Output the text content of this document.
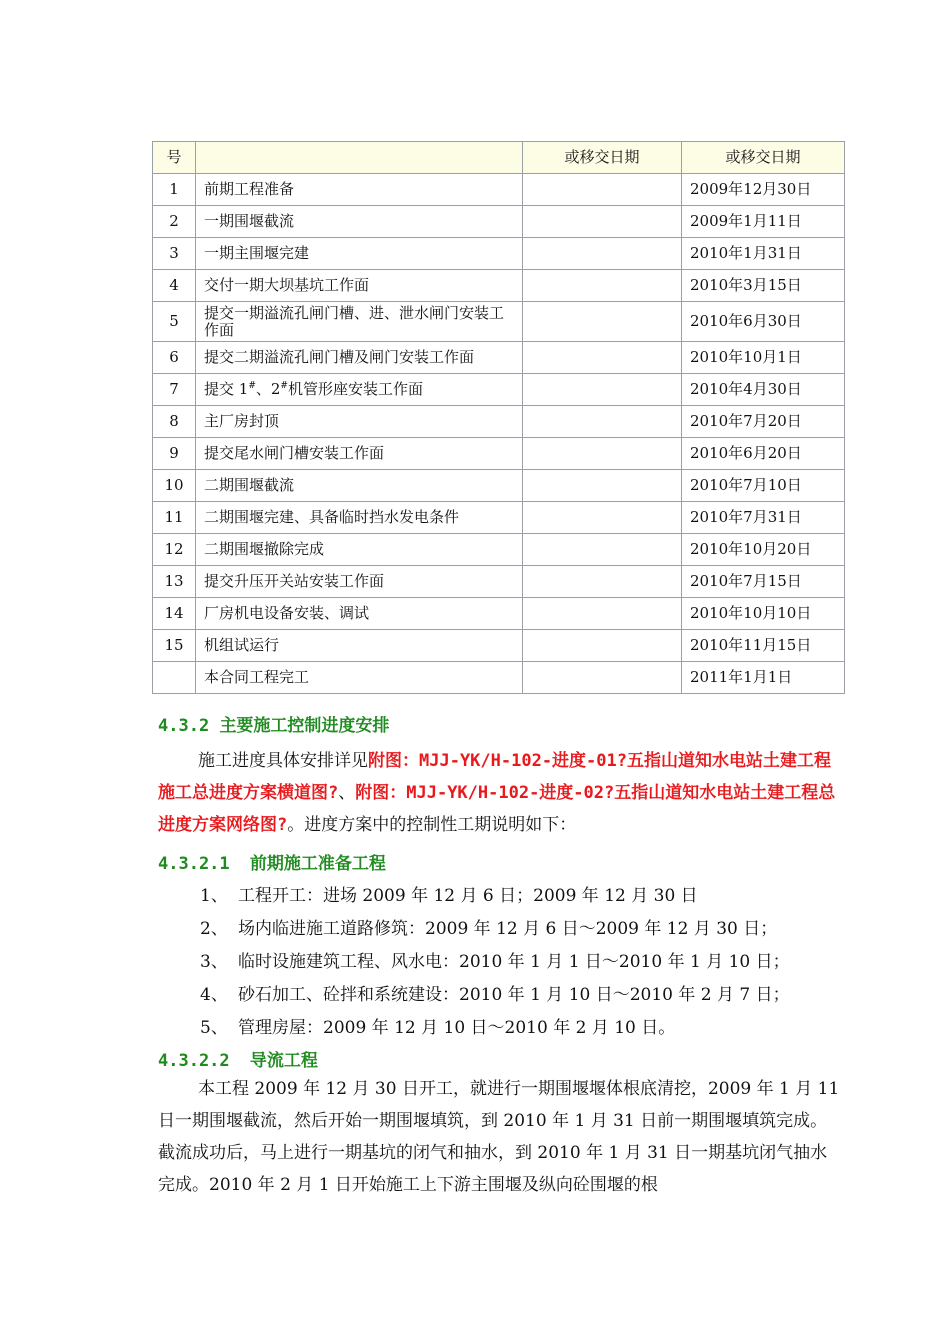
号		或移交日期	或移交日期
1	前期工程准备		2009年12月30日
2	一期围堰截流		2009年1月11日
3	一期主围堰完建		2010年1月31日
4	交付一期大坝基坑工作面		2010年3月15日
5	提交一期溢流孔闸门槽、进、泄水闸门安装工作面		2010年6月30日
6	提交二期溢流孔闸门槽及闸门安装工作面		2010年10月1日
7	提交 1#、2#机管形座安装工作面		2010年4月30日
8	主厂房封顶		2010年7月20日
9	提交尾水闸门槽安装工作面		2010年6月20日
10	二期围堰截流		2010年7月10日
11	二期围堰完建、具备临时挡水发电条件		2010年7月31日
12	二期围堰撤除完成		2010年10月20日
13	提交升压开关站安装工作面		2010年7月15日
14	厂房机电设备安装、调试		2010年10月10日
15	机组试运行		2010年11月15日
	本合同工程完工		2011年1月1日
4.3.2 主要施工控制进度安排
施工进度具体安排详见附图：MJJ-YK/H-102-进度-01?五指山道知水电站土建工程施工总进度方案横道图?、附图：MJJ-YK/H-102-进度-02?五指山道知水电站土建工程总进度方案网络图?。进度方案中的控制性工期说明如下：
4.3.2.1 前期施工准备工程
1、 工程开工：进场 2009 年 12 月 6 日；2009 年 12 月 30 日
2、 场内临进施工道路修筑：2009 年 12 月 6 日～2009 年 12 月 30 日；
3、 临时设施建筑工程、风水电：2010 年 1 月 1 日～2010 年 1 月 10 日；
4、 砂石加工、砼拌和系统建设：2010 年 1 月 10 日～2010 年 2 月 7 日；
5、 管理房屋：2009 年 12 月 10 日～2010 年 2 月 10 日。
4.3.2.2 导流工程
本工程 2009 年 12 月 30 日开工，就进行一期围堰堰体根底清挖，2009 年 1 月 11 日一期围堰截流，然后开始一期围堰填筑，到 2010 年 1 月 31 日前一期围堰填筑完成。截流成功后，马上进行一期基坑的闭气和抽水，到 2010 年 1 月 31 日一期基坑闭气抽水完成。2010 年 2 月 1 日开始施工上下游主围堰及纵向砼围堰的根
